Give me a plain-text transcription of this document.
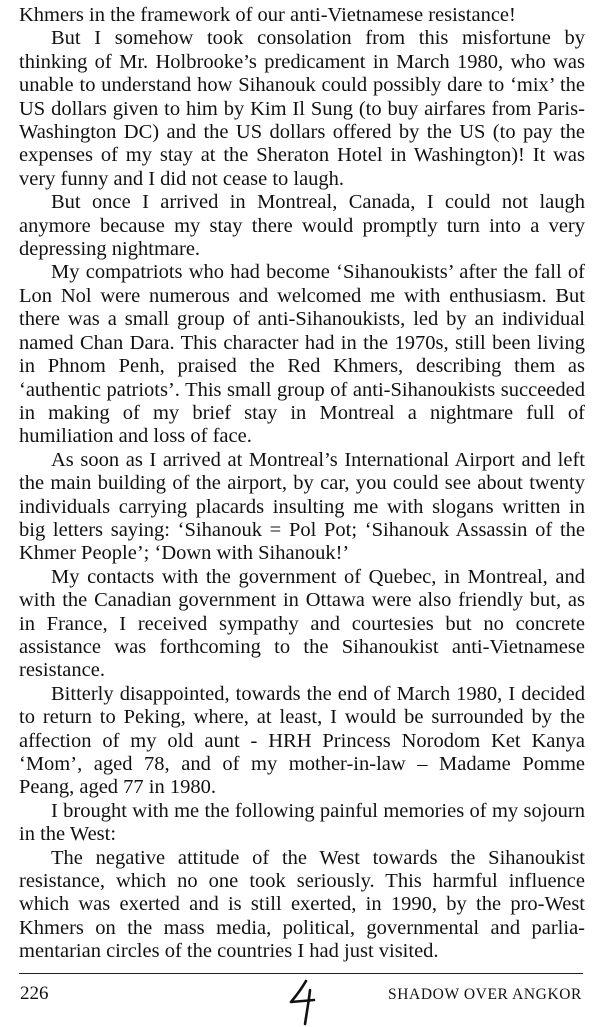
Khmers in the framework of our anti-Vietnamese resistance!

But I somehow took consolation from this misfortune by thinking of Mr. Holbrooke’s predicament in March 1980, who was unable to understand how Sihanouk could possibly dare to ‘mix’ the US dollars given to him by Kim Il Sung (to buy airfares from Paris-Washington DC) and the US dollars offered by the US (to pay the expenses of my stay at the Sheraton Hotel in Washington)! It was very funny and I did not cease to laugh.

But once I arrived in Montreal, Canada, I could not laugh anymore because my stay there would promptly turn into a very depressing nightmare.

My compatriots who had become ‘Sihanoukists’ after the fall of Lon Nol were numerous and welcomed me with enthusiasm. But there was a small group of anti-Sihanoukists, led by an individual named Chan Dara. This character had in the 1970s, still been living in Phnom Penh, praised the Red Khmers, describing them as ‘authentic patriots’. This small group of anti-Sihanoukists succeeded in making of my brief stay in Montreal a nightmare full of humiliation and loss of face.

As soon as I arrived at Montreal’s International Airport and left the main building of the airport, by car, you could see about twenty individuals carrying placards insulting me with slogans written in big letters saying: ‘Sihanouk = Pol Pot; ‘Sihanouk Assassin of the Khmer People’; ‘Down with Sihanouk!’

My contacts with the government of Quebec, in Montreal, and with the Canadian government in Ottawa were also friendly but, as in France, I received sympathy and courtesies but no concrete assistance was forthcoming to the Sihanoukist anti-Vietnamese resistance.

Bitterly disappointed, towards the end of March 1980, I decided to return to Peking, where, at least, I would be surrounded by the affection of my old aunt - HRH Princess Norodom Ket Kanya ‘Mom’, aged 78, and of my mother-in-law – Madame Pomme Peang, aged 77 in 1980.

I brought with me the following painful memories of my sojourn in the West:

The negative attitude of the West towards the Sihanoukist resistance, which no one took seriously. This harmful influence which was exerted and is still exerted, in 1990, by the pro-West Khmers on the mass media, political, governmental and parliamentarian circles of the countries I had just visited.

226	SHADOW OVER ANGKOR
